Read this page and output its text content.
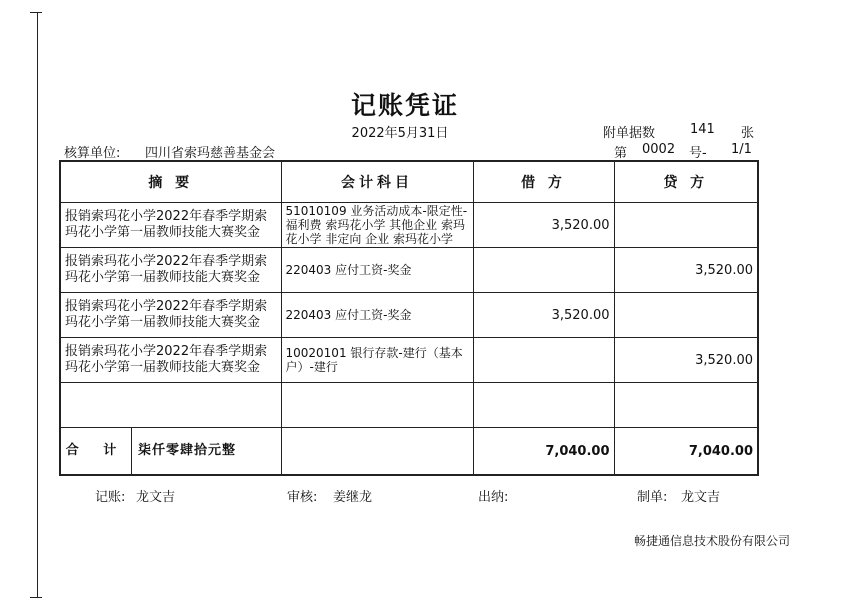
记账凭证
2022年5月31日	附单据数	141 张
核算单位: 四川省索玛慈善基金会	第 0002 号- 1/1
摘 要	会计科目	借 方	贷 方
报销索玛花小学2022年春季学期索玛花小学第一届教师技能大赛奖金	51010109 业务活动成本-限定性-福利费 索玛花小学 其他企业 索玛花小学 非定向 企业 索玛花小学	3,520.00	
报销索玛花小学2022年春季学期索玛花小学第一届教师技能大赛奖金	220403 应付工资-奖金		3,520.00
报销索玛花小学2022年春季学期索玛花小学第一届教师技能大赛奖金	220403 应付工资-奖金	3,520.00	
报销索玛花小学2022年春季学期索玛花小学第一届教师技能大赛奖金	10020101 银行存款-建行（基本户）-建行		3,520.00

合 计 柒仟零肆拾元整		7,040.00	7,040.00
记账: 龙文吉	审核: 姜继龙	出纳:	制单: 龙文吉
畅捷通信息技术股份有限公司
